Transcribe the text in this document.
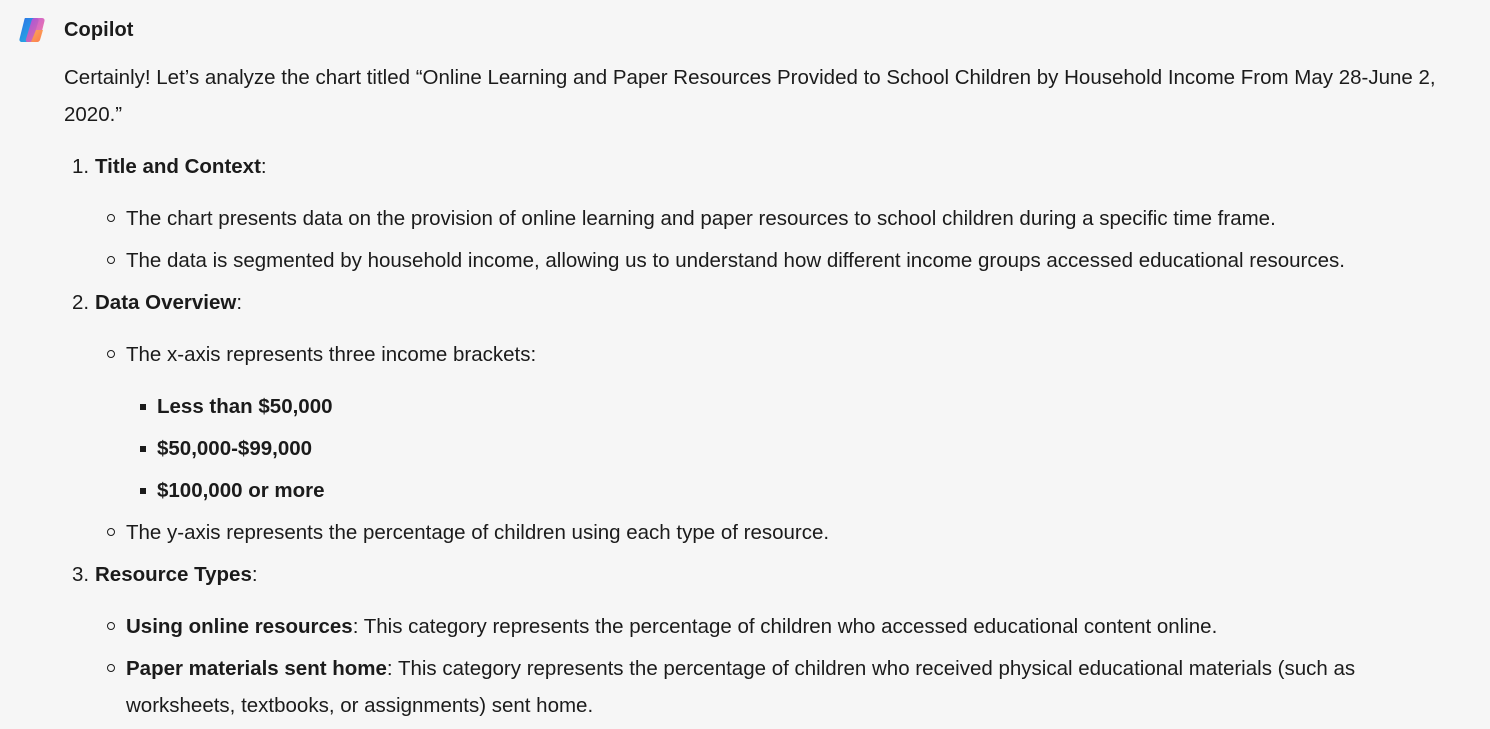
Copilot

Certainly! Let’s analyze the chart titled “Online Learning and Paper Resources Provided to School Children by Household Income From May 28-June 2, 2020.”

1. Title and Context:
The chart presents data on the provision of online learning and paper resources to school children during a specific time frame.
The data is segmented by household income, allowing us to understand how different income groups accessed educational resources.
2. Data Overview:
The x-axis represents three income brackets:
Less than $50,000
$50,000-$99,000
$100,000 or more
The y-axis represents the percentage of children using each type of resource.
3. Resource Types:
Using online resources: This category represents the percentage of children who accessed educational content online.
Paper materials sent home: This category represents the percentage of children who received physical educational materials (such as worksheets, textbooks, or assignments) sent home.
